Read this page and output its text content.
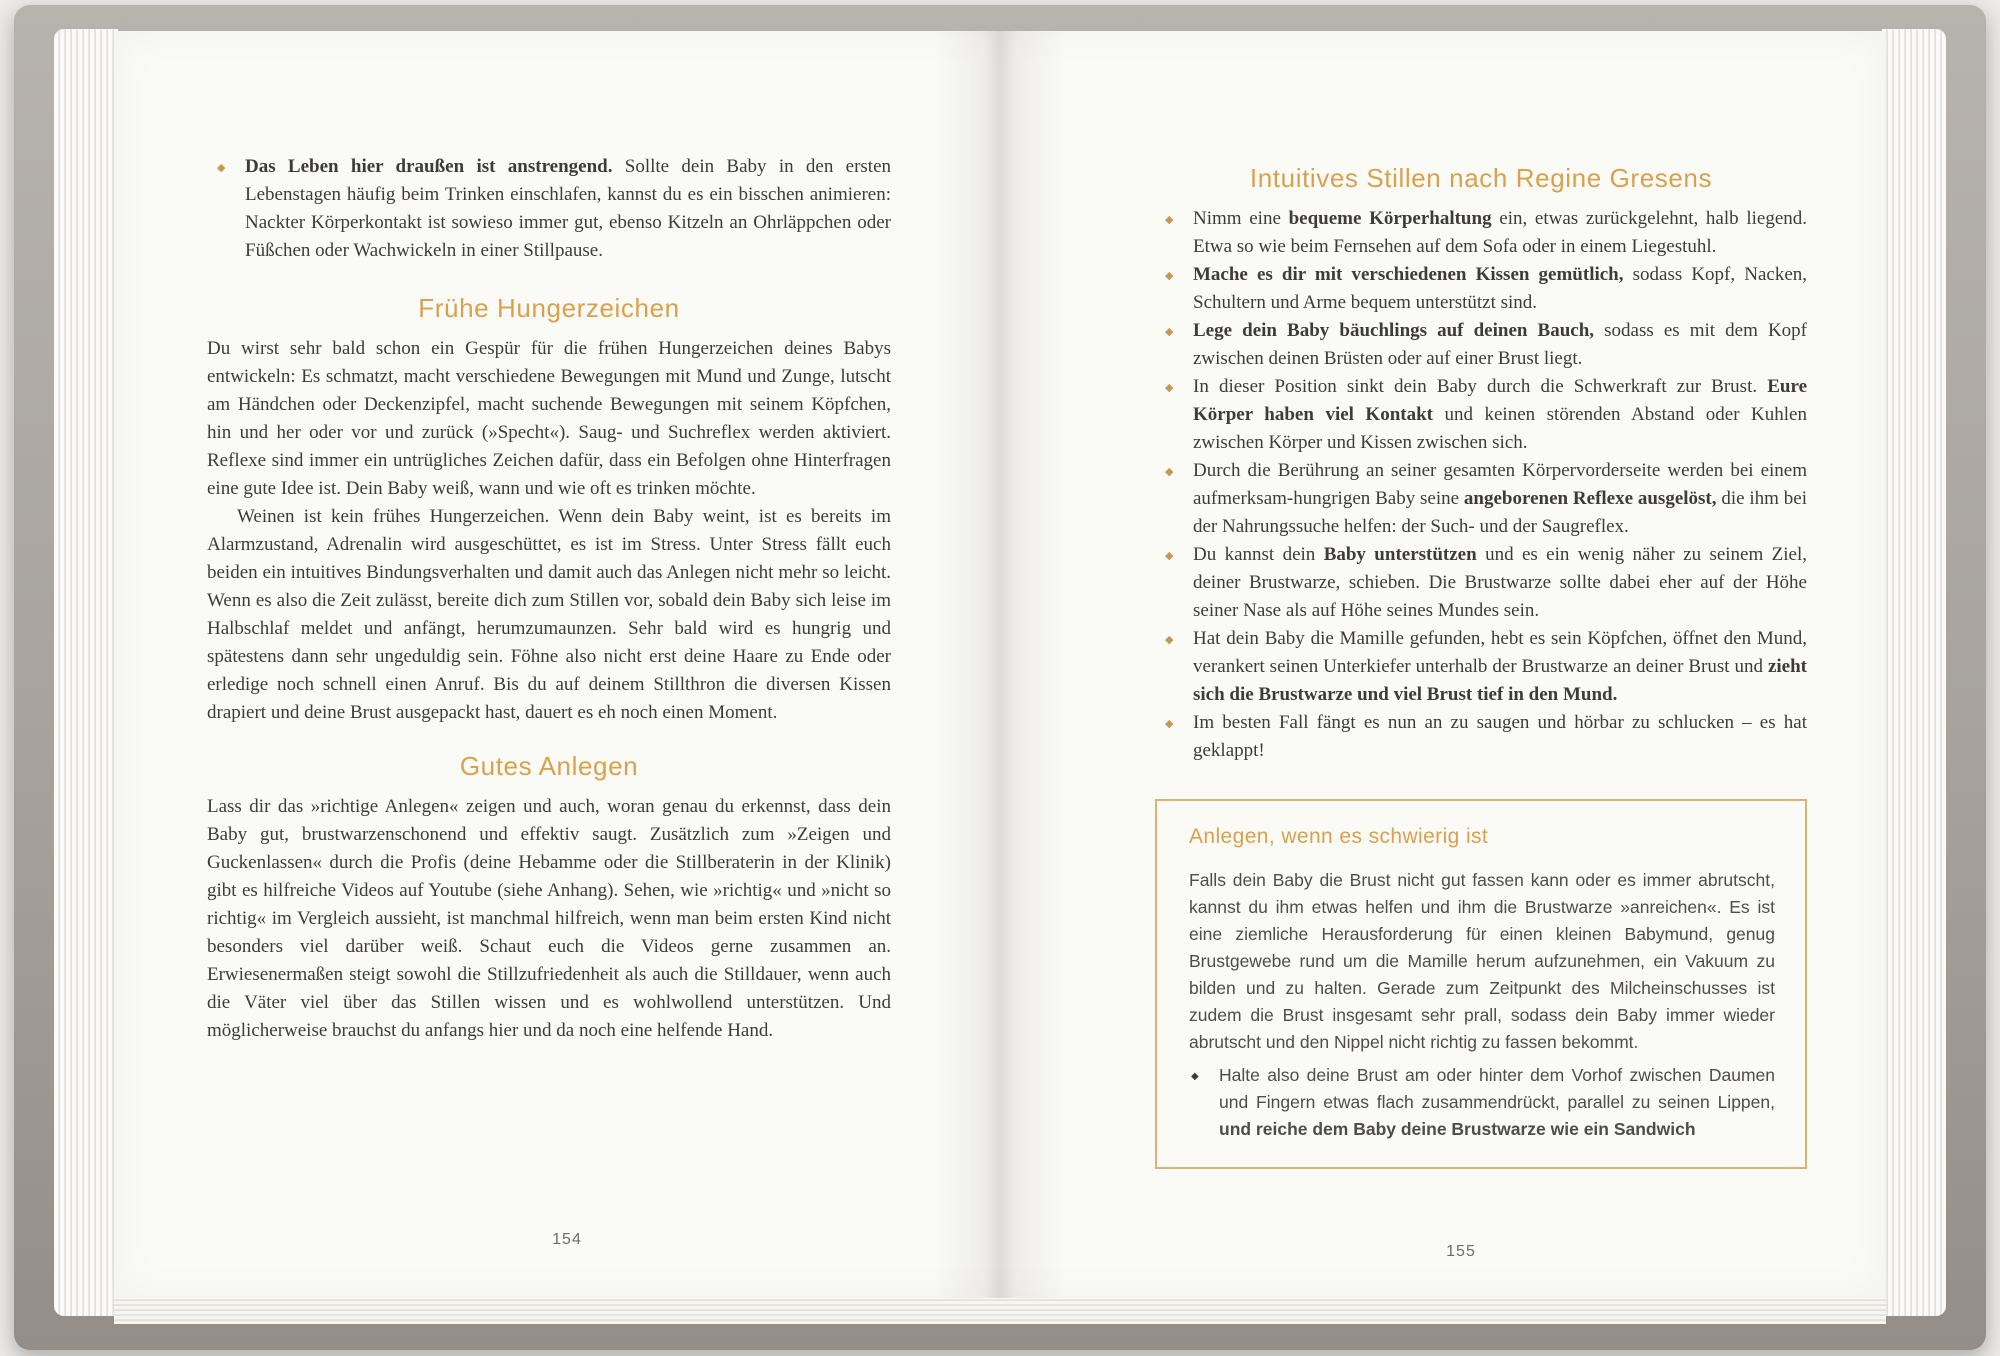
◆ Das Leben hier draußen ist anstrengend. Sollte dein Baby in den ersten Lebenstagen häufig beim Trinken einschlafen, kannst du es ein bisschen animieren: Nackter Körperkontakt ist sowieso immer gut, ebenso Kitzeln an Ohrläppchen oder Füßchen oder Wachwickeln in einer Stillpause.
Frühe Hungerzeichen

Du wirst sehr bald schon ein Gespür für die frühen Hungerzeichen deines Babys entwickeln: Es schmatzt, macht verschiedene Bewegungen mit Mund und Zunge, lutscht am Händchen oder Deckenzipfel, macht suchende Bewegungen mit seinem Köpfchen, hin und her oder vor und zurück (»Specht«). Saug- und Suchreflex werden aktiviert. Reflexe sind immer ein untrügliches Zeichen dafür, dass ein Befolgen ohne Hinterfragen eine gute Idee ist. Dein Baby weiß, wann und wie oft es trinken möchte.

Weinen ist kein frühes Hungerzeichen. Wenn dein Baby weint, ist es bereits im Alarmzustand, Adrenalin wird ausgeschüttet, es ist im Stress. Unter Stress fällt euch beiden ein intuitives Bindungsverhalten und damit auch das Anlegen nicht mehr so leicht. Wenn es also die Zeit zulässt, bereite dich zum Stillen vor, sobald dein Baby sich leise im Halbschlaf meldet und anfängt, herumzumaunzen. Sehr bald wird es hungrig und spätestens dann sehr ungeduldig sein. Föhne also nicht erst deine Haare zu Ende oder erledige noch schnell einen Anruf. Bis du auf deinem Stillthron die diversen Kissen drapiert und deine Brust ausgepackt hast, dauert es eh noch einen Moment.

Gutes Anlegen

Lass dir das »richtige Anlegen« zeigen und auch, woran genau du erkennst, dass dein Baby gut, brustwarzenschonend und effektiv saugt. Zusätzlich zum »Zeigen und Guckenlassen« durch die Profis (deine Hebamme oder die Stillberaterin in der Klinik) gibt es hilfreiche Videos auf Youtube (siehe Anhang). Sehen, wie »richtig« und »nicht so richtig« im Vergleich aussieht, ist manchmal hilfreich, wenn man beim ersten Kind nicht besonders viel darüber weiß. Schaut euch die Videos gerne zusammen an. Erwiesenermaßen steigt sowohl die Stillzufriedenheit als auch die Stilldauer, wenn auch die Väter viel über das Stillen wissen und es wohlwollend unterstützen. Und möglicherweise brauchst du anfangs hier und da noch eine helfende Hand.

Intuitives Stillen nach Regine Gresens
◆ Nimm eine bequeme Körperhaltung ein, etwas zurückgelehnt, halb liegend. Etwa so wie beim Fernsehen auf dem Sofa oder in einem Liegestuhl.
◆ Mache es dir mit verschiedenen Kissen gemütlich, sodass Kopf, Nacken, Schultern und Arme bequem unterstützt sind.
◆ Lege dein Baby bäuchlings auf deinen Bauch, sodass es mit dem Kopf zwischen deinen Brüsten oder auf einer Brust liegt.
◆ In dieser Position sinkt dein Baby durch die Schwerkraft zur Brust. Eure Körper haben viel Kontakt und keinen störenden Abstand oder Kuhlen zwischen Körper und Kissen zwischen sich.
◆ Durch die Berührung an seiner gesamten Körpervorderseite werden bei einem aufmerksam-hungrigen Baby seine angeborenen Reflexe ausgelöst, die ihm bei der Nahrungssuche helfen: der Such- und der Saugreflex.
◆ Du kannst dein Baby unterstützen und es ein wenig näher zu seinem Ziel, deiner Brustwarze, schieben. Die Brustwarze sollte dabei eher auf der Höhe seiner Nase als auf Höhe seines Mundes sein.
◆ Hat dein Baby die Mamille gefunden, hebt es sein Köpfchen, öffnet den Mund, verankert seinen Unterkiefer unterhalb der Brustwarze an deiner Brust und zieht sich die Brustwarze und viel Brust tief in den Mund.
◆ Im besten Fall fängt es nun an zu saugen und hörbar zu schlucken – es hat geklappt!
Anlegen, wenn es schwierig ist

Falls dein Baby die Brust nicht gut fassen kann oder es immer abrutscht, kannst du ihm etwas helfen und ihm die Brustwarze »anreichen«. Es ist eine ziemliche Herausforderung für einen kleinen Babymund, genug Brustgewebe rund um die Mamille herum aufzunehmen, ein Vakuum zu bilden und zu halten. Gerade zum Zeitpunkt des Milcheinschusses ist zudem die Brust insgesamt sehr prall, sodass dein Baby immer wieder abrutscht und den Nippel nicht richtig zu fassen bekommt.

◆ Halte also deine Brust am oder hinter dem Vorhof zwischen Daumen und Fingern etwas flach zusammendrückt, parallel zu seinen Lippen, und reiche dem Baby deine Brustwarze wie ein Sandwich
154
155
